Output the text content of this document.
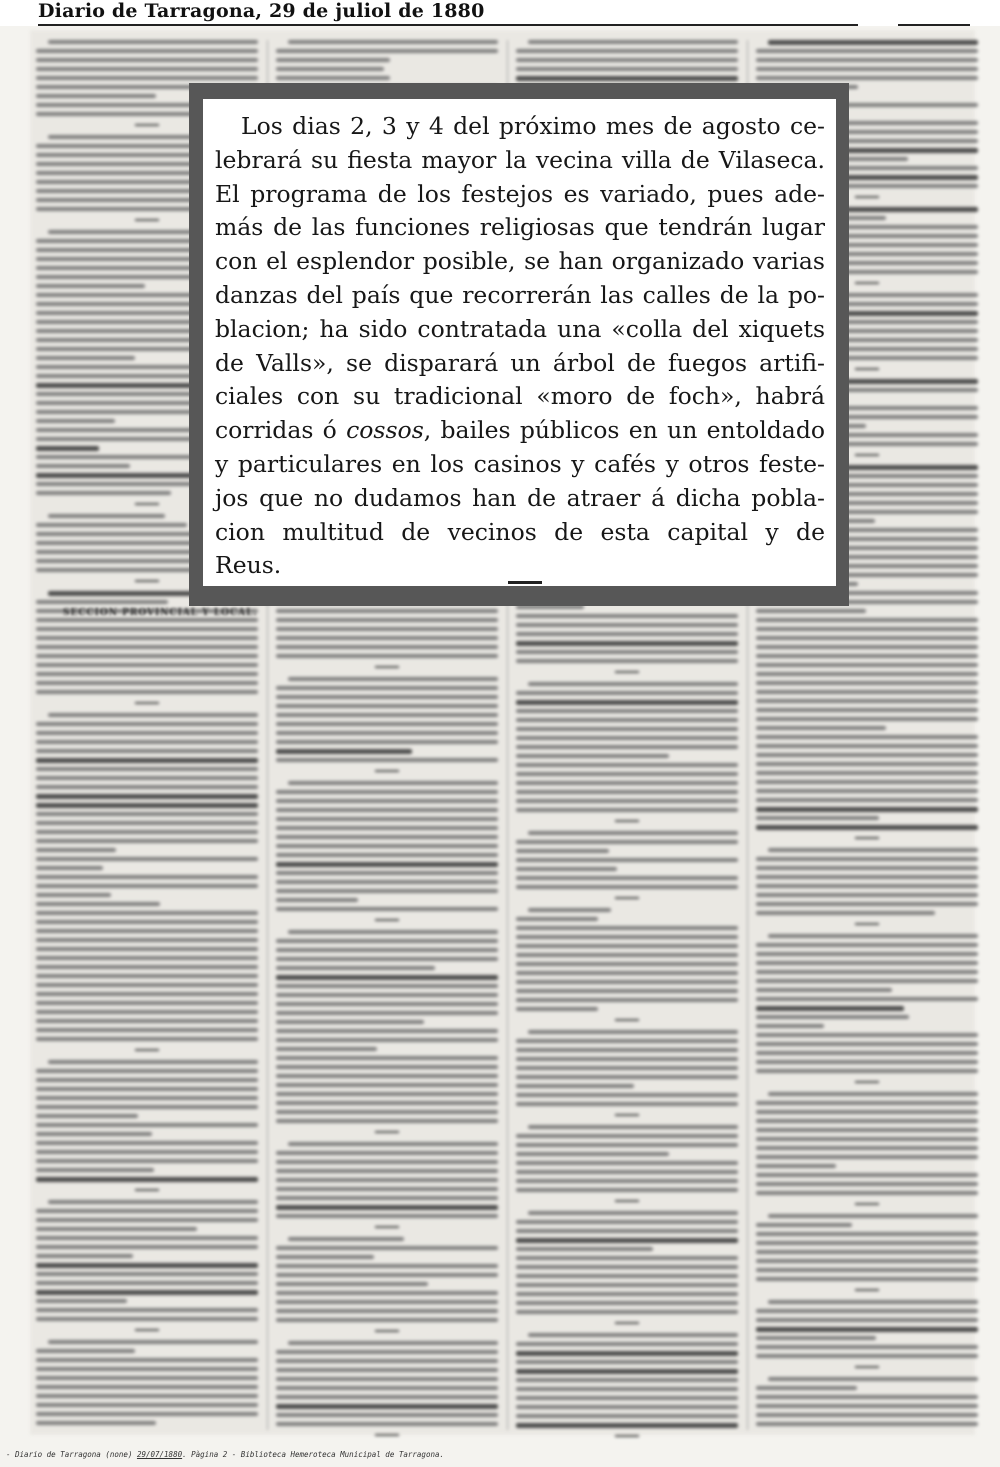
Diario de Tarragona, 29 de juliol de 1880
SECCION PROVINCIAL Y LOCAL.
Los dias 2, 3 y 4 del próximo mes de agosto ce-
lebrará su fiesta mayor la vecina villa de Vilaseca.
El programa de los festejos es variado, pues ade-
más de las funciones religiosas que tendrán lugar
con el esplendor posible, se han organizado varias
danzas del país que recorrerán las calles de la po-
blacion; ha sido contratada una «colla del xiquets
de Valls», se disparará un árbol de fuegos artifi-
ciales con su tradicional «moro de foch», habrá
corridas ó cossos, bailes públicos en un entoldado
y particulares en los casinos y cafés y otros feste-
jos que no dudamos han de atraer á dicha pobla-
cion multitud de vecinos de esta capital y de
Reus.
- Diario de Tarragona (none) 29/07/1880. Pàgina 2 - Biblioteca Hemeroteca Municipal de Tarragona.
